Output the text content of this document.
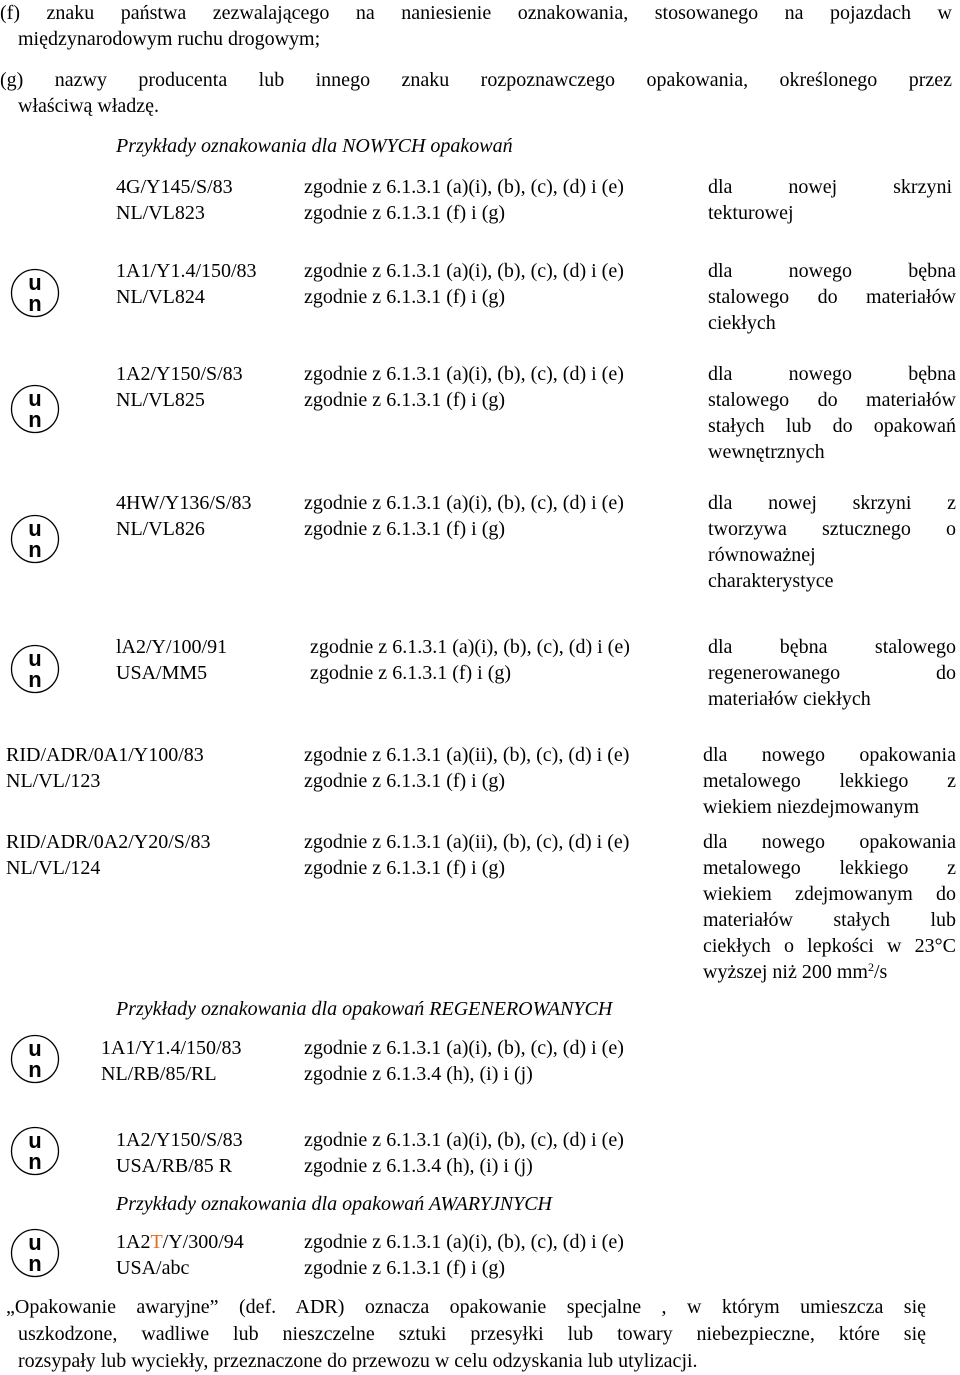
(f) znaku państwa zezwalającego na naniesienie oznakowania, stosowanego na pojazdach w
międzynarodowym ruchu drogowym;
(g) nazwy producenta lub innego znaku rozpoznawczego opakowania, określonego przez
właściwą władzę.
Przykłady oznakowania dla NOWYCH opakowań
4G/Y145/S/83
NL/VL823
zgodnie z 6.1.3.1 (a)(i), (b), (c), (d) i (e)
zgodnie z 6.1.3.1 (f) i (g)
dla nowej skrzyni
tekturowej
1A1/Y1.4/150/83
NL/VL824
zgodnie z 6.1.3.1 (a)(i), (b), (c), (d) i (e)
zgodnie z 6.1.3.1 (f) i (g)
dla nowego bębna
stalowego do materiałów
ciekłych
1A2/Y150/S/83
NL/VL825
zgodnie z 6.1.3.1 (a)(i), (b), (c), (d) i (e)
zgodnie z 6.1.3.1 (f) i (g)
dla nowego bębna
stalowego do materiałów
stałych lub do opakowań
wewnętrznych
4HW/Y136/S/83
NL/VL826
zgodnie z 6.1.3.1 (a)(i), (b), (c), (d) i (e)
zgodnie z 6.1.3.1 (f) i (g)
dla nowej skrzyni z
tworzywa sztucznego o
równoważnej
charakterystyce
lA2/Y/100/91
USA/MM5
zgodnie z 6.1.3.1 (a)(i), (b), (c), (d) i (e)
zgodnie z 6.1.3.1 (f) i (g)
dla bębna stalowego
regenerowanego do
materiałów ciekłych
RID/ADR/0A1/Y100/83
NL/VL/123
zgodnie z 6.1.3.1 (a)(ii), (b), (c), (d) i (e)
zgodnie z 6.1.3.1 (f) i (g)
dla nowego opakowania
metalowego lekkiego z
wiekiem niezdejmowanym
RID/ADR/0A2/Y20/S/83
NL/VL/124
zgodnie z 6.1.3.1 (a)(ii), (b), (c), (d) i (e)
zgodnie z 6.1.3.1 (f) i (g)
dla nowego opakowania
metalowego lekkiego z
wiekiem zdejmowanym do
materiałów stałych lub
ciekłych o lepkości w 23°C
wyższej niż 200 $mm^2/s$
Przykłady oznakowania dla opakowań REGENEROWANYCH
1A1/Y1.4/150/83
NL/RB/85/RL
zgodnie z 6.1.3.1 (a)(i), (b), (c), (d) i (e)
zgodnie z 6.1.3.4 (h), (i) i (j)
1A2/Y150/S/83
USA/RB/85 R
zgodnie z 6.1.3.1 (a)(i), (b), (c), (d) i (e)
zgodnie z 6.1.3.4 (h), (i) i (j)
Przykłady oznakowania dla opakowań AWARYJNYCH
1A2T/Y/300/94
USA/abc
zgodnie z 6.1.3.1 (a)(i), (b), (c), (d) i (e)
zgodnie z 6.1.3.1 (f) i (g)
„Opakowanie awaryjne” (def. ADR) oznacza opakowanie specjalne , w którym umieszcza się
uszkodzone, wadliwe lub nieszczelne sztuki przesyłki lub towary niebezpieczne, które się
rozsypały lub wyciekły, przeznaczone do przewozu w celu odzyskania lub utylizacji.
